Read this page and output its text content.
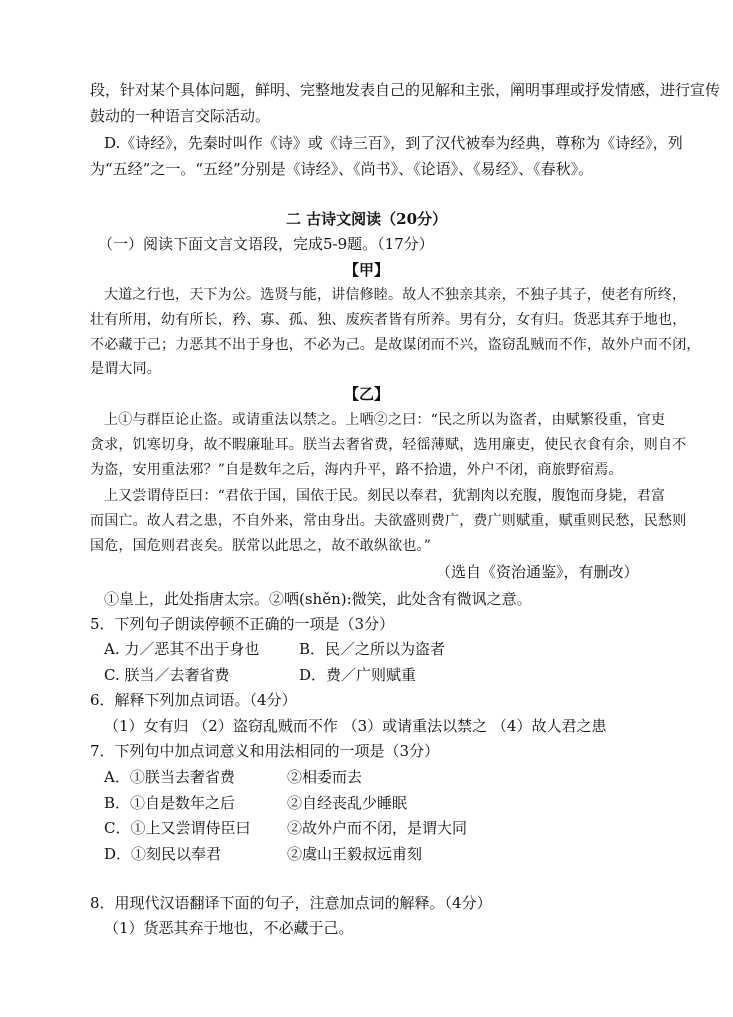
段，针对某个具体问题，鲜明、完整地发表自己的见解和主张，阐明事理或抒发情感，进行宣传
鼓动的一种语言交际活动。
D.《诗经》，先秦时叫作《诗》或《诗三百》，到了汉代被奉为经典，尊称为《诗经》，列
为“五经”之一。“五经”分别是《诗经》、《尚书》、《论语》、《易经》、《春秋》。
二 古诗文阅读（20分）
（一）阅读下面文言文语段，完成5-9题。（17分）
【甲】
大道之行也，天下为公。选贤与能，讲信修睦。故人不独亲其亲，不独子其子，使老有所终，
壮有所用，幼有所长，矜、寡、孤、独、废疾者皆有所养。男有分，女有归。货恶其弃于地也，
不必藏于己；力恶其不出于身也，不必为己。是故谋闭而不兴，盗窃乱贼而不作，故外户而不闭，
是谓大同。
【乙】
上①与群臣论止盗。或请重法以禁之。上哂②之曰：“民之所以为盗者，由赋繁役重，官吏
贪求，饥寒切身，故不暇廉耻耳。朕当去奢省费，轻徭薄赋，选用廉吏，使民衣食有余，则自不
为盗，安用重法邪？”自是数年之后，海内升平，路不拾遗，外户不闭，商旅野宿焉。
上又尝谓侍臣曰：“君依于国，国依于民。刻民以奉君，犹割肉以充腹，腹饱而身毙，君富
而国亡。故人君之患，不自外来，常由身出。夫欲盛则费广，费广则赋重，赋重则民愁，民愁则
国危，国危则君丧矣。朕常以此思之，故不敢纵欲也。”
（选自《资治通鉴》，有删改）
①皇上，此处指唐太宗。②哂(shěn):微笑，此处含有微讽之意。
5．下列句子朗读停顿不正确的一项是（3分）
A. 力／恶其不出于身也	B．民／之所以为盗者
C. 朕当／去奢省费	D．费／广则赋重
6．解释下列加点词语。（4分）
（1）女有归 （2）盗窃乱贼而不作 （3）或请重法以禁之 （4）故人君之患
7．下列句中加点词意义和用法相同的一项是（3分）
A．①朕当去奢省费	②相委而去
B．①自是数年之后	②自经丧乱少睡眠
C．①上又尝谓侍臣曰 ②故外户而不闭，是谓大同
D．①刻民以奉君	②虞山王毅叔远甫刻
8．用现代汉语翻译下面的句子，注意加点词的解释。（4分）
（1）货恶其弃于地也，不必藏于己。
